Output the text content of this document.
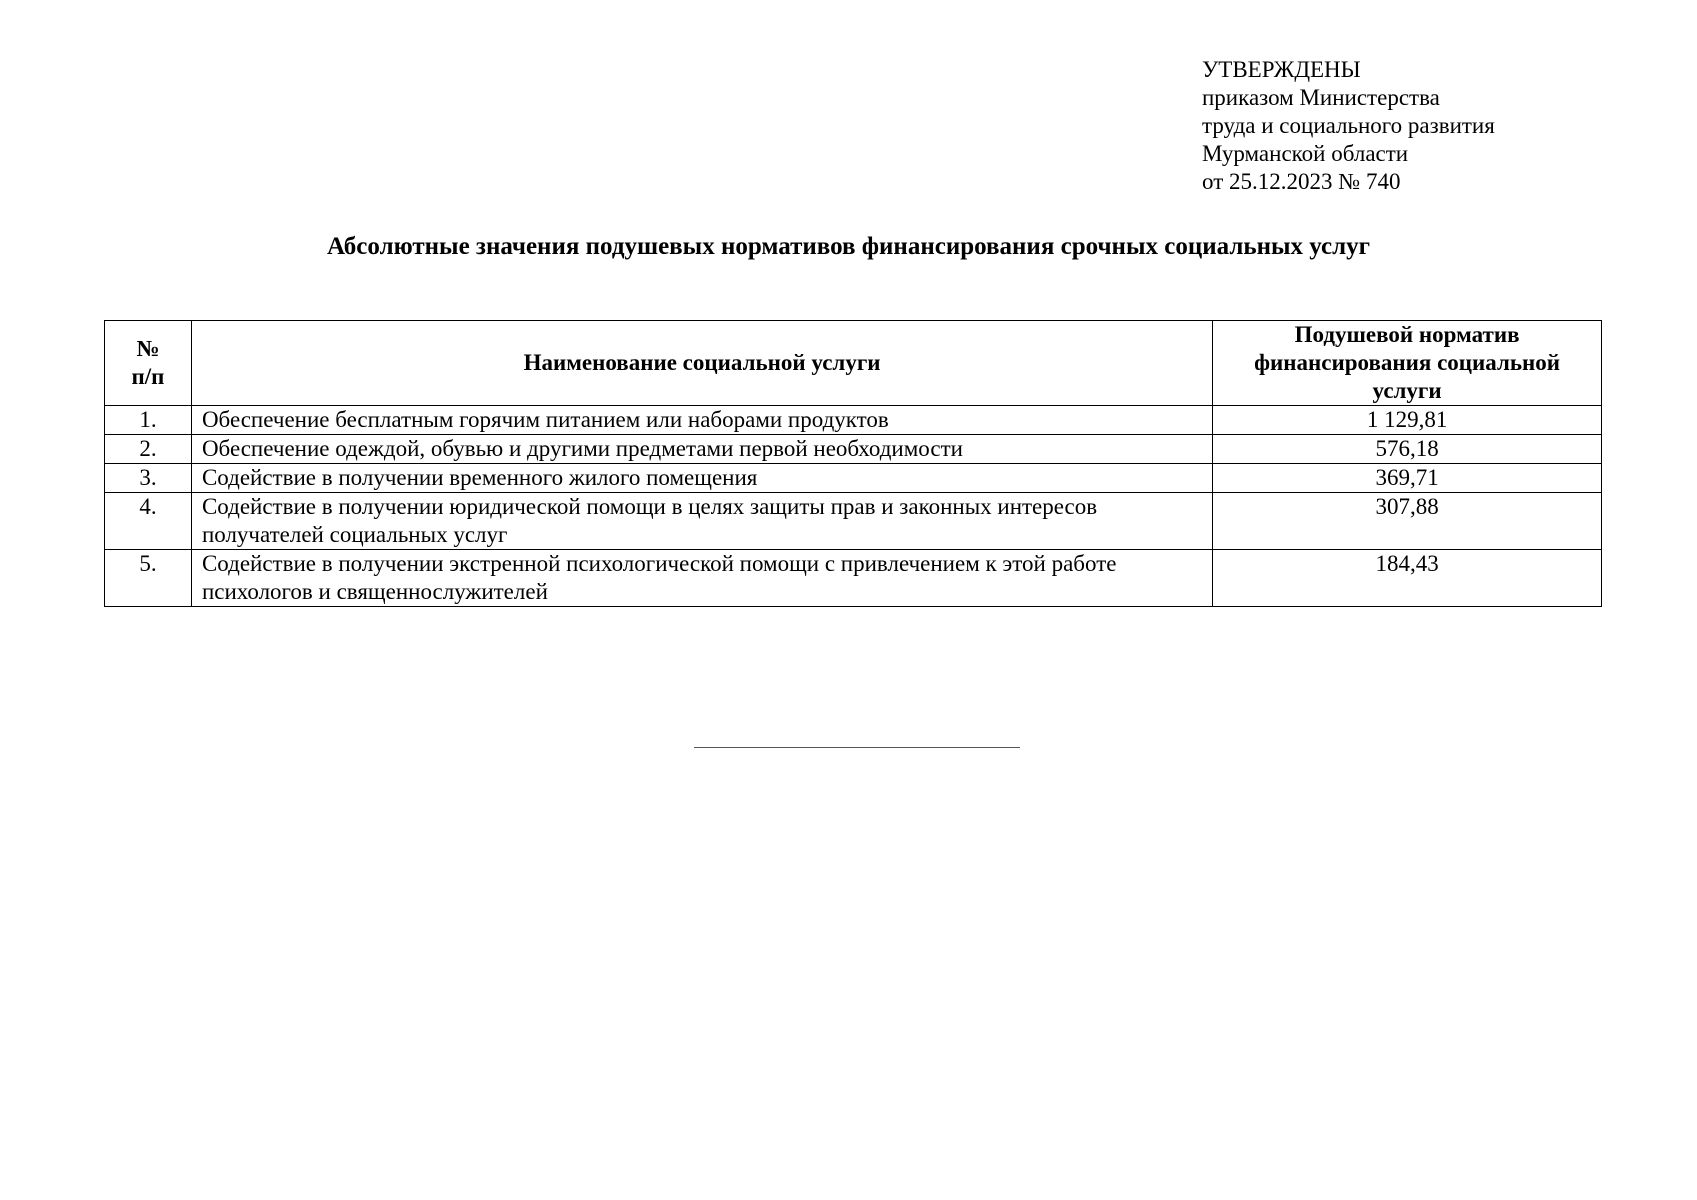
УТВЕРЖДЕНЫ
приказом Министерства
труда и социального развития
Мурманской области
от 25.12.2023 № 740
Абсолютные значения подушевых нормативов финансирования срочных социальных услуг
№
п/п	Наименование социальной услуги	Подушевой норматив финансирования социальной услуги
1.	Обеспечение бесплатным горячим питанием или наборами продуктов	1 129,81
2.	Обеспечение одеждой, обувью и другими предметами первой необходимости	576,18
3.	Содействие в получении временного жилого помещения	369,71
4.	Содействие в получении юридической помощи в целях защиты прав и законных интересов получателей социальных услуг	307,88
5.	Содействие в получении экстренной психологической помощи с привлечением к этой работе психологов и священнослужителей	184,43
